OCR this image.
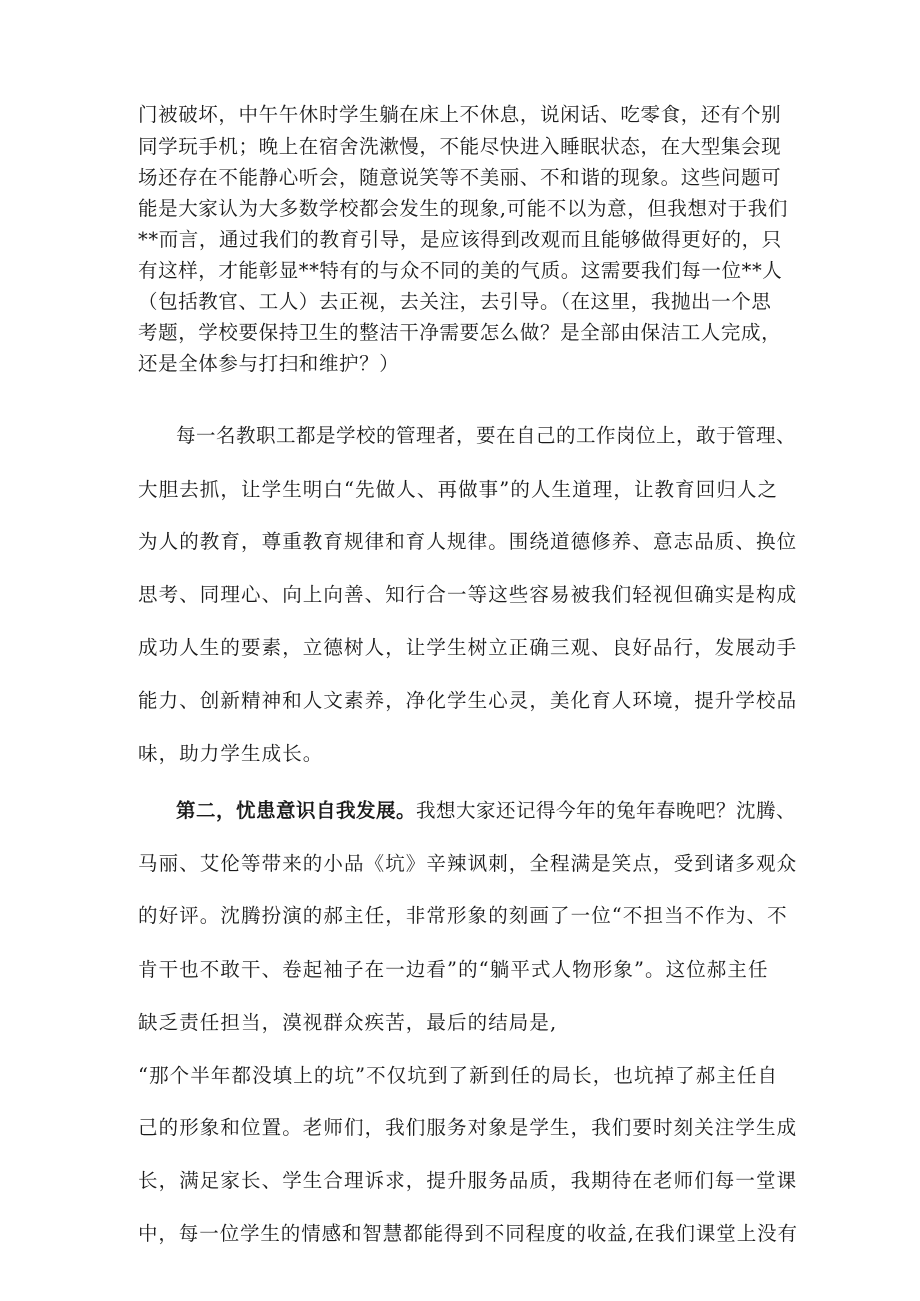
门被破坏，中午午休时学生躺在床上不休息，说闲话、吃零食，还有个别
同学玩手机；晚上在宿舍洗漱慢，不能尽快进入睡眠状态，在大型集会现
场还存在不能静心听会，随意说笑等不美丽、不和谐的现象。这些问题可
能是大家认为大多数学校都会发生的现象,可能不以为意，但我想对于我们
**而言，通过我们的教育引导，是应该得到改观而且能够做得更好的，只
有这样，才能彰显**特有的与众不同的美的气质。这需要我们每一位**人
（包括教官、工人）去正视，去关注，去引导。（在这里，我抛出一个思
考题，学校要保持卫生的整洁干净需要怎么做？是全部由保洁工人完成，
还是全体参与打扫和维护？）
每一名教职工都是学校的管理者，要在自己的工作岗位上，敢于管理、
大胆去抓，让学生明白“先做人、再做事”的人生道理，让教育回归人之
为人的教育，尊重教育规律和育人规律。围绕道德修养、意志品质、换位
思考、同理心、向上向善、知行合一等这些容易被我们轻视但确实是构成
成功人生的要素，立德树人，让学生树立正确三观、良好品行，发展动手
能力、创新精神和人文素养，净化学生心灵，美化育人环境，提升学校品
味，助力学生成长。
第二，忧患意识自我发展。我想大家还记得今年的兔年春晚吧？沈腾、
马丽、艾伦等带来的小品《坑》辛辣讽刺，全程满是笑点，受到诸多观众
的好评。沈腾扮演的郝主任，非常形象的刻画了一位“不担当不作为、不
肯干也不敢干、卷起袖子在一边看”的“躺平式人物形象”。这位郝主任
缺乏责任担当，漠视群众疾苦，最后的结局是,
“那个半年都没填上的坑”不仅坑到了新到任的局长，也坑掉了郝主任自
己的形象和位置。老师们，我们服务对象是学生，我们要时刻关注学生成
长，满足家长、学生合理诉求，提升服务品质，我期待在老师们每一堂课
中，每一位学生的情感和智慧都能得到不同程度的收益,在我们课堂上没有
